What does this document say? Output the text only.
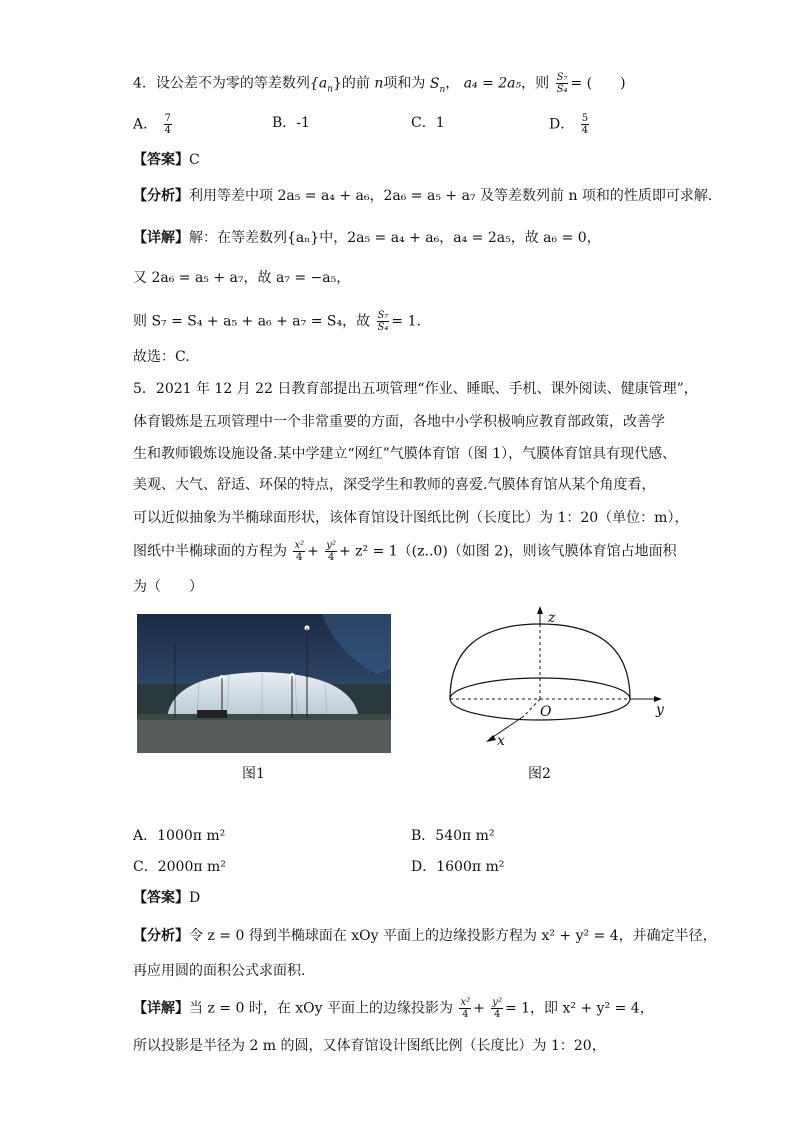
4．设公差不为零的等差数列$\{a_n\}$的前 n项和为 $S_n$， a₄ = 2a₅，则 $\frac{\text{S₇}}{\text{S₄}}$ = (　　)
A． $\frac{7}{4}$	B．-1	C．1	D． $\frac{5}{4}$
【答案】C
【分析】利用等差中项 2a₅ = a₄ + a₆，2a₆ = a₅ + a₇ 及等差数列前 n 项和的性质即可求解.
【详解】解：在等差数列{aₙ}中，2a₅ = a₄ + a₆，a₄ = 2a₅，故 a₆ = 0，
又 2a₆ = a₅ + a₇，故 a₇ = −a₅，
则 S₇ = S₄ + a₅ + a₆ + a₇ = S₄，故 $\frac{\text{S₇}}{\text{S₄}} = 1$.
故选：C.
5．2021 年 12 月 22 日教育部提出五项管理“作业、睡眠、手机、课外阅读、健康管理”，
体育锻炼是五项管理中一个非常重要的方面，各地中小学积极响应教育部政策，改善学
生和教师锻炼设施设备.某中学建立“网红”气膜体育馆（图 1），气膜体育馆具有现代感、
美观、大气、舒适、环保的特点，深受学生和教师的喜爱.气膜体育馆从某个角度看，
可以近似抽象为半椭球面形状，该体育馆设计图纸比例（长度比）为 1：20（单位：m），
图纸中半椭球面的方程为 $\frac{\text{x²}}{4} + \frac{\text{y²}}{4} + z^2 = 1((z..0)$（如图 2)，则该气膜体育馆占地面积
为（　　）
图1
z
y
x
O
图2
A．1000π m²	B．540π m²
C．2000π m²	D．1600π m²
【答案】D
【分析】令 z = 0 得到半椭球面在 xOy 平面上的边缘投影方程为 x² + y² = 4，并确定半径，
再应用圆的面积公式求面积.
【详解】当 z = 0 时，在 xOy 平面上的边缘投影为 $\frac{\text{x²}}{4} + \frac{\text{y²}}{4} = 1$，即 x² + y² = 4，
所以投影是半径为 2 m 的圆，又体育馆设计图纸比例（长度比）为 1：20，
